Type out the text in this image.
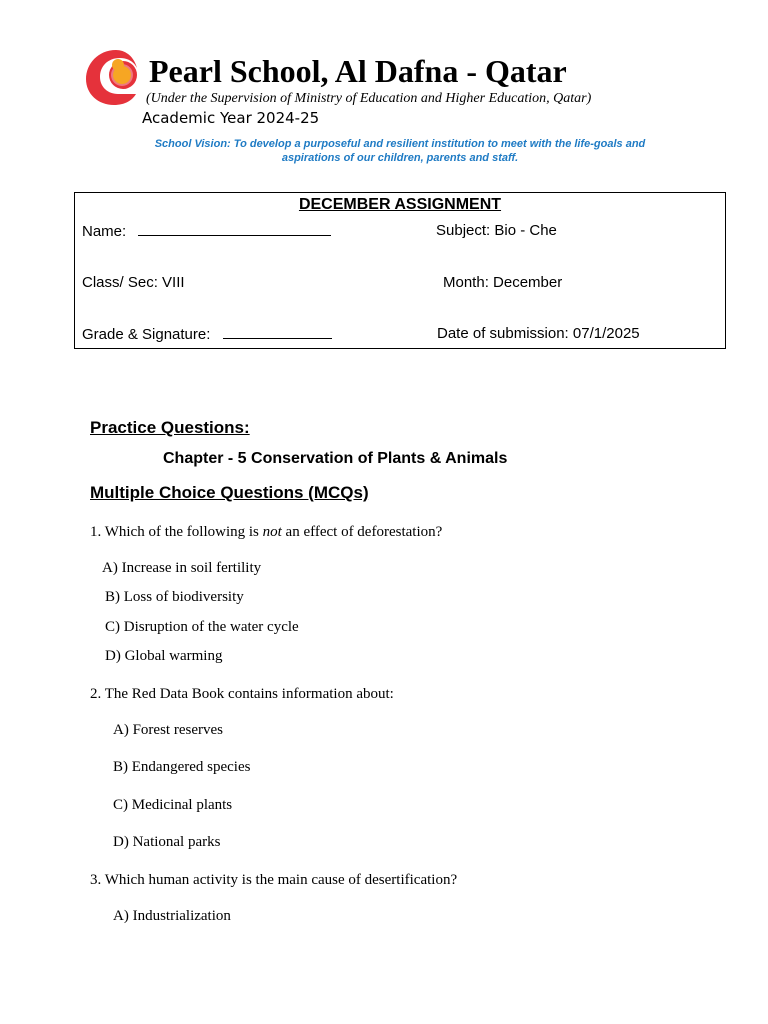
Pearl School, Al Dafna - Qatar
(Under the Supervision of Ministry of Education and Higher Education, Qatar)
Academic Year 2024-25
School Vision: To develop a purposeful and resilient institution to meet with the life-goals and aspirations of our children, parents and staff.
DECEMBER ASSIGNMENT
Name:	Subject: Bio - Che
Class/ Sec: VIII	Month: December
Grade & Signature:	Date of submission: 07/1/2025
Practice Questions:
Chapter - 5 Conservation of Plants & Animals
Multiple Choice Questions (MCQs)
1. Which of the following is not an effect of deforestation?
A) Increase in soil fertility
B) Loss of biodiversity
C) Disruption of the water cycle
D) Global warming
2. The Red Data Book contains information about:
A) Forest reserves
B) Endangered species
C) Medicinal plants
D) National parks
3. Which human activity is the main cause of desertification?
A) Industrialization
